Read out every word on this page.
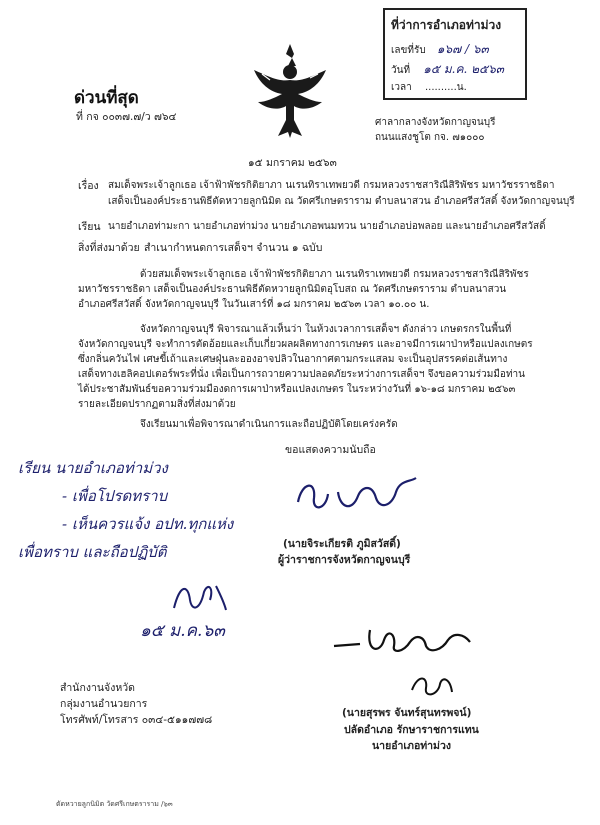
ที่ว่าการอำเภอท่าม่วง
เลขที่รับ ๑๖๗ / ๖๓
วันที่ ๑๕ ม.ค. ๒๕๖๓
เวลา ..........น.
ด่วนที่สุด
ที่ กจ ๐๐๓๗.๗/ว ๗๖๔	ศาลากลางจังหวัดกาญจนบุรี
ถนนแสงชูโต กจ. ๗๑๐๐๐
๑๕ มกราคม ๒๕๖๓
เรื่อง สมเด็จพระเจ้าลูกเธอ เจ้าฟ้าพัชรกิติยาภา นเรนทิราเทพยวดี กรมหลวงราชสาริณีสิริพัชร มหาวัชรราชธิดา
เสด็จเป็นองค์ประธานพิธีตัดหวายลูกนิมิต ณ วัดศรีเกษตราราม ตำบลนาสวน อำเภอศรีสวัสดิ์ จังหวัดกาญจนบุรี
เรียน นายอำเภอท่ามะกา นายอำเภอท่าม่วง นายอำเภอพนมทวน นายอำเภอบ่อพลอย และนายอำเภอศรีสวัสดิ์
สิ่งที่ส่งมาด้วย สำเนากำหนดการเสด็จฯ จำนวน ๑ ฉบับ
ด้วยสมเด็จพระเจ้าลูกเธอ เจ้าฟ้าพัชรกิติยาภา นเรนทิราเทพยวดี กรมหลวงราชสาริณีสิริพัชร
มหาวัชรราชธิดา เสด็จเป็นองค์ประธานพิธีตัดหวายลูกนิมิตอุโบสถ ณ วัดศรีเกษตราราม ตำบลนาสวน
อำเภอศรีสวัสดิ์ จังหวัดกาญจนบุรี ในวันเสาร์ที่ ๑๘ มกราคม ๒๕๖๓ เวลา ๑๐.๐๐ น.
จังหวัดกาญจนบุรี พิจารณาแล้วเห็นว่า ในห้วงเวลาการเสด็จฯ ดังกล่าว เกษตรกรในพื้นที่
จังหวัดกาญจนบุรี จะทำการตัดอ้อยและเก็บเกี่ยวผลผลิตทางการเกษตร และอาจมีการเผาป่าหรือแปลงเกษตร
ซึ่งกลิ่นควันไฟ เศษขี้เถ้าและเศษฝุ่นละอองอาจปลิวในอากาศตามกระแสลม จะเป็นอุปสรรคต่อเส้นทาง
เสด็จทางเฮลิคอปเตอร์พระที่นั่ง เพื่อเป็นการถวายความปลอดภัยระหว่างการเสด็จฯ จึงขอความร่วมมือท่าน
ได้ประชาสัมพันธ์ขอความร่วมมืองดการเผาป่าหรือแปลงเกษตร ในระหว่างวันที่ ๑๖-๑๘ มกราคม ๒๕๖๓
รายละเอียดปรากฏตามสิ่งที่ส่งมาด้วย
จึงเรียนมาเพื่อพิจารณาดำเนินการและถือปฏิบัติโดยเคร่งครัด
ขอแสดงความนับถือ
เรียน นายอำเภอท่าม่วง
- เพื่อโปรดทราบ
- เห็นควรแจ้ง อปท.ทุกแห่ง
เพื่อทราบ และถือปฏิบัติ
๑๕ ม.ค.๖๓
(นายจิระเกียรติ ภูมิสวัสดิ์)
ผู้ว่าราชการจังหวัดกาญจนบุรี
สำนักงานจังหวัด
กลุ่มงานอำนวยการ
โทรศัพท์/โทรสาร ๐๓๔-๕๑๑๗๗๘
ตัดหวายลูกนิมิต วัดศรีเกษตราราม /๖๓
(นายสุรพร จันทร์สุนทรพจน์)
ปลัดอำเภอ รักษาราชการแทน
นายอำเภอท่าม่วง
